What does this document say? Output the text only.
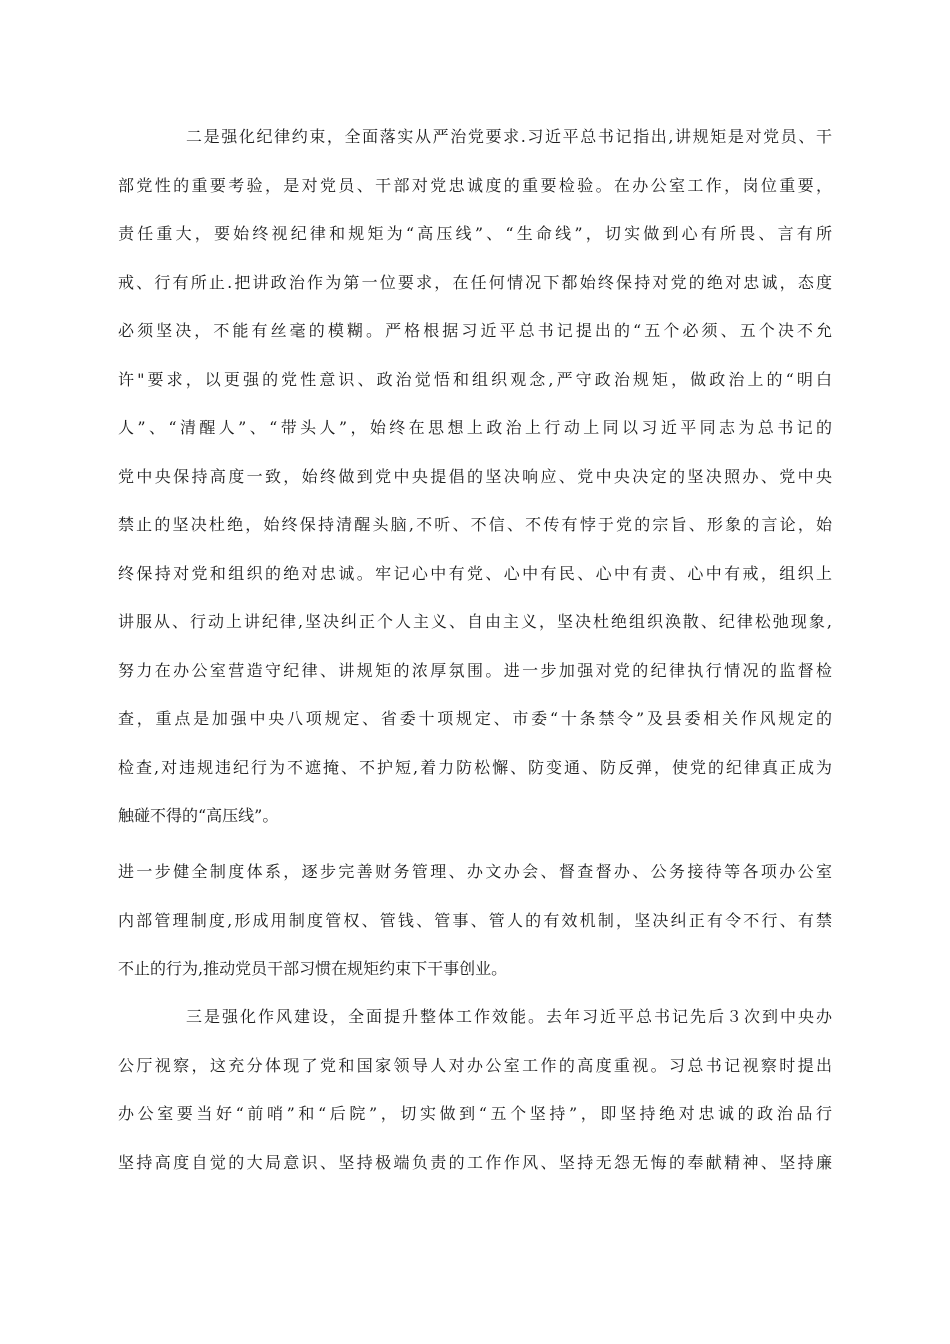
二是强化纪律约束，全面落实从严治党要求.习近平总书记指出,讲规矩是对党员、干
部党性的重要考验，是对党员、干部对党忠诚度的重要检验。在办公室工作，岗位重要，
责任重大，要始终视纪律和规矩为“高压线”、“生命线”，切实做到心有所畏、言有所
戒、行有所止.把讲政治作为第一位要求，在任何情况下都始终保持对党的绝对忠诚，态度
必须坚决，不能有丝毫的模糊。严格根据习近平总书记提出的“五个必须、五个决不允
许"要求，以更强的党性意识、政治觉悟和组织观念,严守政治规矩，做政治上的“明白
人”、“清醒人”、“带头人”，始终在思想上政治上行动上同以习近平同志为总书记的
党中央保持高度一致，始终做到党中央提倡的坚决响应、党中央决定的坚决照办、党中央
禁止的坚决杜绝，始终保持清醒头脑,不听、不信、不传有悖于党的宗旨、形象的言论，始
终保持对党和组织的绝对忠诚。牢记心中有党、心中有民、心中有责、心中有戒，组织上
讲服从、行动上讲纪律,坚决纠正个人主义、自由主义，坚决杜绝组织涣散、纪律松弛现象,
努力在办公室营造守纪律、讲规矩的浓厚氛围。进一步加强对党的纪律执行情况的监督检
查，重点是加强中央八项规定、省委十项规定、市委“十条禁令”及县委相关作风规定的
检查,对违规违纪行为不遮掩、不护短,着力防松懈、防变通、防反弹，使党的纪律真正成为
触碰不得的“高压线”。
进一步健全制度体系，逐步完善财务管理、办文办会、督查督办、公务接待等各项办公室
内部管理制度,形成用制度管权、管钱、管事、管人的有效机制，坚决纠正有令不行、有禁
不止的行为,推动党员干部习惯在规矩约束下干事创业。
三是强化作风建设，全面提升整体工作效能。去年习近平总书记先后３次到中央办
公厅视察，这充分体现了党和国家领导人对办公室工作的高度重视。习总书记视察时提出
办公室要当好“前哨”和“后院”，切实做到“五个坚持”，即坚持绝对忠诚的政治品行
坚持高度自觉的大局意识、坚持极端负责的工作作风、坚持无怨无悔的奉献精神、坚持廉
